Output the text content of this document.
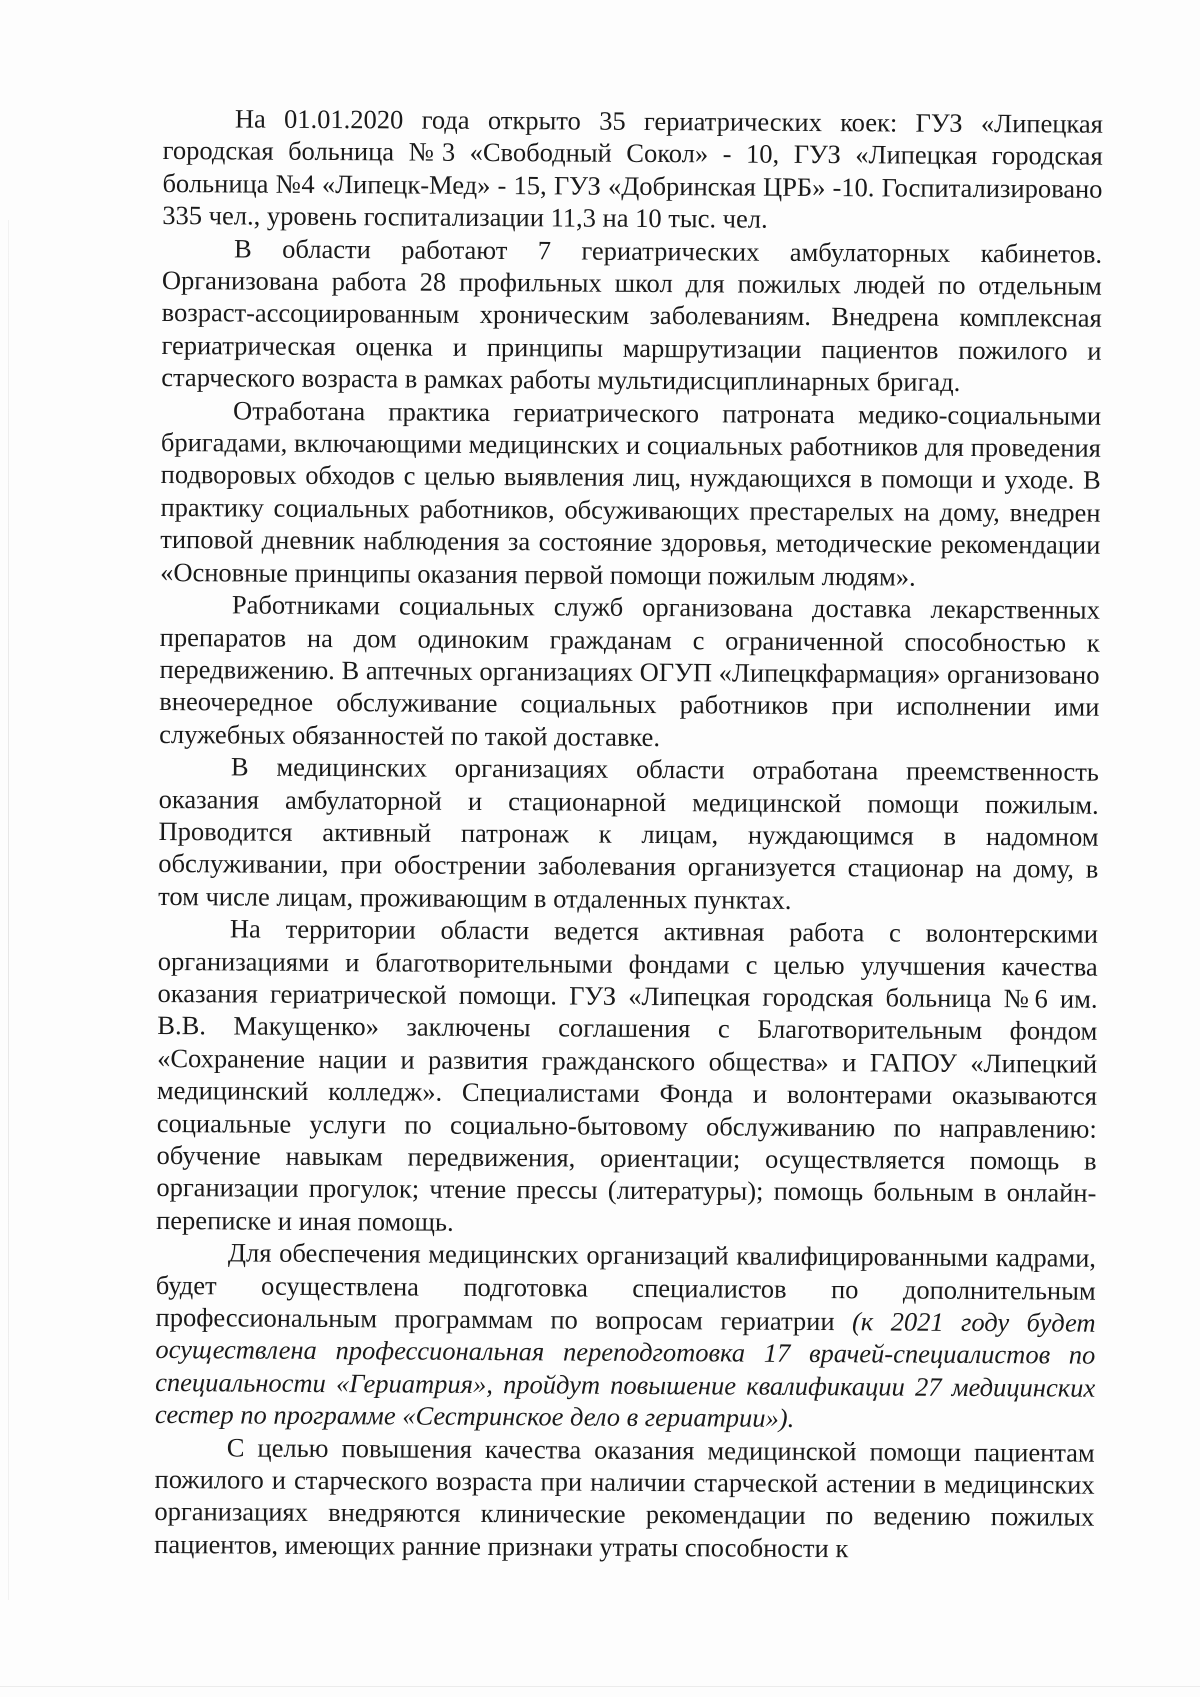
На 01.01.2020 года открыто 35 гериатрических коек: ГУЗ «Липецкая городская больница №3 «Свободный Сокол» - 10, ГУЗ «Липецкая городская больница №4 «Липецк-Мед» - 15, ГУЗ «Добринская ЦРБ» -10. Госпитализировано 335 чел., уровень госпитализации 11,3 на 10 тыс. чел.

В области работают 7 гериатрических амбулаторных кабинетов. Организована работа 28 профильных школ для пожилых людей по отдельным возраст-ассоциированным хроническим заболеваниям. Внедрена комплексная гериатрическая оценка и принципы маршрутизации пациентов пожилого и старческого возраста в рамках работы мультидисциплинарных бригад.

Отработана практика гериатрического патроната медико-социальными бригадами, включающими медицинских и социальных работников для проведения подворовых обходов с целью выявления лиц, нуждающихся в помощи и уходе. В практику социальных работников, обсуживающих престарелых на дому, внедрен типовой дневник наблюдения за состояние здоровья, методические рекомендации «Основные принципы оказания первой помощи пожилым людям».

Работниками социальных служб организована доставка лекарственных препаратов на дом одиноким гражданам с ограниченной способностью к передвижению. В аптечных организациях ОГУП «Липецкфармация» организовано внеочередное обслуживание социальных работников при исполнении ими служебных обязанностей по такой доставке.

В медицинских организациях области отработана преемственность оказания амбулаторной и стационарной медицинской помощи пожилым. Проводится активный патронаж к лицам, нуждающимся в надомном обслуживании, при обострении заболевания организуется стационар на дому, в том числе лицам, проживающим в отдаленных пунктах.

На территории области ведется активная работа с волонтерскими организациями и благотворительными фондами с целью улучшения качества оказания гериатрической помощи. ГУЗ «Липецкая городская больница №6 им. В.В. Макущенко» заключены соглашения с Благотворительным фондом «Сохранение нации и развития гражданского общества» и ГАПОУ «Липецкий медицинский колледж». Специалистами Фонда и волонтерами оказываются социальные услуги по социально-бытовому обслуживанию по направлению: обучение навыкам передвижения, ориентации; осуществляется помощь в организации прогулок; чтение прессы (литературы); помощь больным в онлайн-переписке и иная помощь.

Для обеспечения медицинских организаций квалифицированными кадрами, будет осуществлена подготовка специалистов по дополнительным профессиональным программам по вопросам гериатрии (к 2021 году будет осуществлена профессиональная переподготовка 17 врачей-специалистов по специальности «Гериатрия», пройдут повышение квалификации 27 медицинских сестер по программе «Сестринское дело в гериатрии»).

С целью повышения качества оказания медицинской помощи пациентам пожилого и старческого возраста при наличии старческой астении в медицинских организациях внедряются клинические рекомендации по ведению пожилых пациентов, имеющих ранние признаки утраты способности к
